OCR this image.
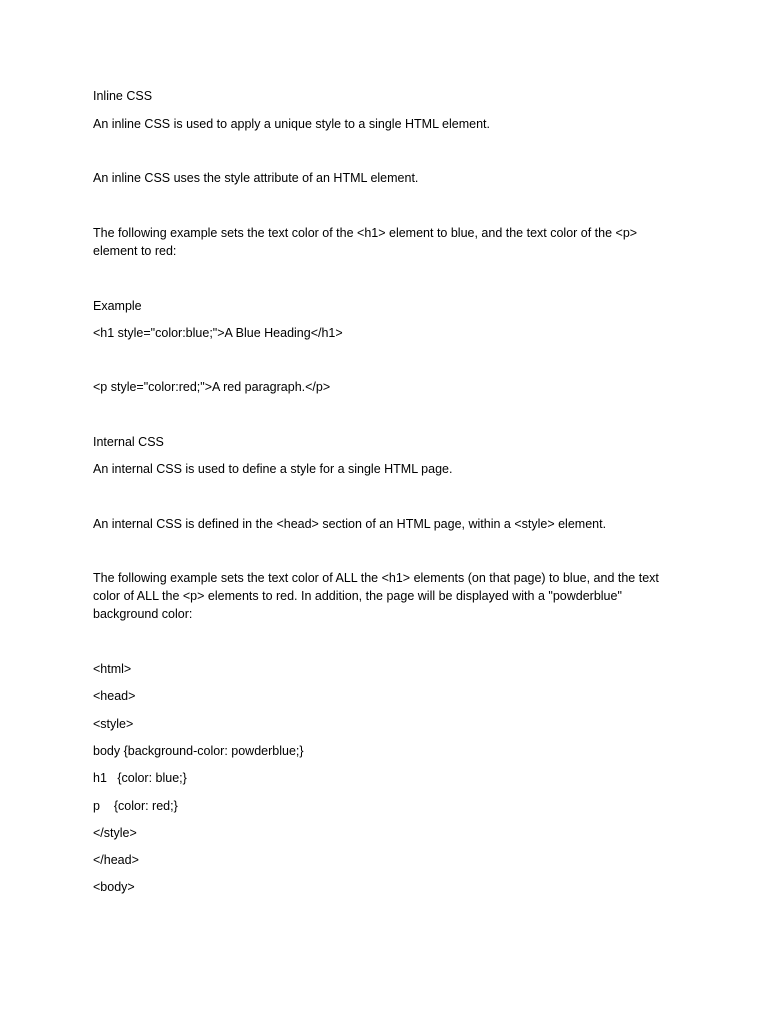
Inline CSS
An inline CSS is used to apply a unique style to a single HTML element.
An inline CSS uses the style attribute of an HTML element.
The following example sets the text color of the <h1> element to blue, and the text color of the <p> element to red:
Example
<h1 style="color:blue;">A Blue Heading</h1>
<p style="color:red;">A red paragraph.</p>
Internal CSS
An internal CSS is used to define a style for a single HTML page.
An internal CSS is defined in the <head> section of an HTML page, within a <style> element.
The following example sets the text color of ALL the <h1> elements (on that page) to blue, and the text color of ALL the <p> elements to red. In addition, the page will be displayed with a "powderblue" background color:
<html>
<head>
<style>
body {background-color: powderblue;}
h1   {color: blue;}
p    {color: red;}
</style>
</head>
<body>
